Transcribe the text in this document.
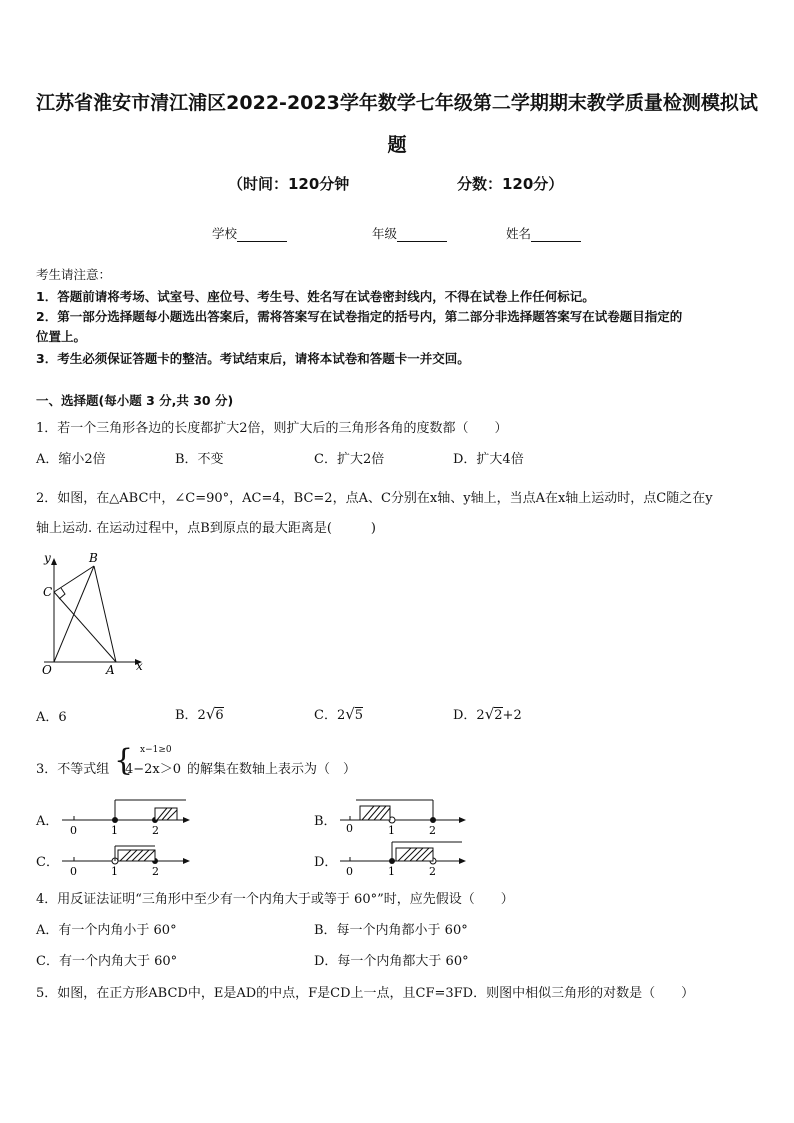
江苏省淮安市清江浦区2022-2023学年数学七年级第二学期期末教学质量检测模拟试
题
（时间：120分钟	分数：120分）
学校	年级	姓名
考生请注意：
1．答题前请将考场、试室号、座位号、考生号、姓名写在试卷密封线内，不得在试卷上作任何标记。
2．第一部分选择题每小题选出答案后，需将答案写在试卷指定的括号内，第二部分非选择题答案写在试卷题目指定的
位置上。
3．考生必须保证答题卡的整洁。考试结束后，请将本试卷和答题卡一并交回。
一、选择题(每小题 3 分,共 30 分)
1．若一个三角形各边的长度都扩大2倍，则扩大后的三角形各角的度数都（　　）
A．缩小2倍	B．不变	C．扩大2倍	D．扩大4倍
2．如图，在△ABC中，∠C=90°，AC=4，BC=2，点A、C分别在x轴、y轴上，当点A在x轴上运动时，点C随之在y
轴上运动. 在运动过程中，点B到原点的最大距离是(　　　)
y
x
B
C
O	A
A．6	B．2√6	C．2√5	D．2√2+2
3．不等式组 { x−1≥0
4−2x＞0 的解集在数轴上表示为（　）
A．
0	1	2
B． 0	1	2
C．
0	1	2
D．
0	1	2
4．用反证法证明“三角形中至少有一个内角大于或等于 60°”时，应先假设（　　）
A．有一个内角小于 60°	B．每一个内角都小于 60°
C．有一个内角大于 60°	D．每一个内角都大于 60°
5．如图，在正方形ABCD中，E是AD的中点，F是CD上一点，且CF=3FD．则图中相似三角形的对数是（　　）
